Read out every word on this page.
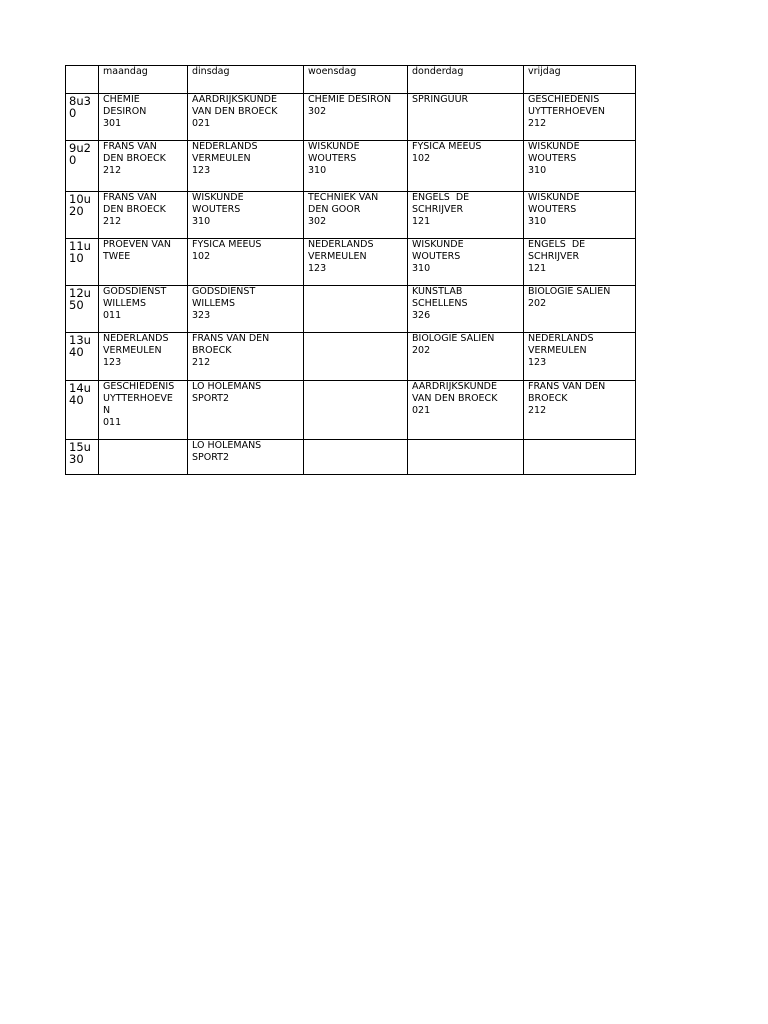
	maandag	dinsdag	woensdag	donderdag	vrijdag
8u30	CHEMIE
DESIRON
301	AARDRIJKSKUNDE
VAN DEN BROECK
021	CHEMIE DESIRON
302	SPRINGUUR	GESCHIEDENIS
UYTTERHOEVEN
212

9u20	FRANS VAN
DEN BROECK
212	NEDERLANDS
VERMEULEN
123	WISKUNDE
WOUTERS
310	FYSICA MEEUS
102	WISKUNDE
WOUTERS
310

10u20	FRANS VAN
DEN BROECK
212	WISKUNDE
WOUTERS
310	TECHNIEK VAN
DEN GOOR
302	ENGELS  DE
SCHRIJVER
121	WISKUNDE
WOUTERS
310

11u10	PROEVEN VAN
TWEE	FYSICA MEEUS
102	NEDERLANDS
VERMEULEN
123	WISKUNDE
WOUTERS
310	ENGELS  DE
SCHRIJVER
121

12u50	GODSDIENST
WILLEMS
011	GODSDIENST
WILLEMS
323		KUNSTLAB
SCHELLENS
326	BIOLOGIE SALIEN
202

13u40	NEDERLANDS
VERMEULEN
123	FRANS VAN DEN
BROECK
212		BIOLOGIE SALIEN
202	NEDERLANDS
VERMEULEN
123

14u40	GESCHIEDENIS
UYTTERHOEVE
N
011	LO HOLEMANS
SPORT2		AARDRIJKSKUNDE
VAN DEN BROECK
021	FRANS VAN DEN
BROECK
212

15u30		LO HOLEMANS
SPORT2			
